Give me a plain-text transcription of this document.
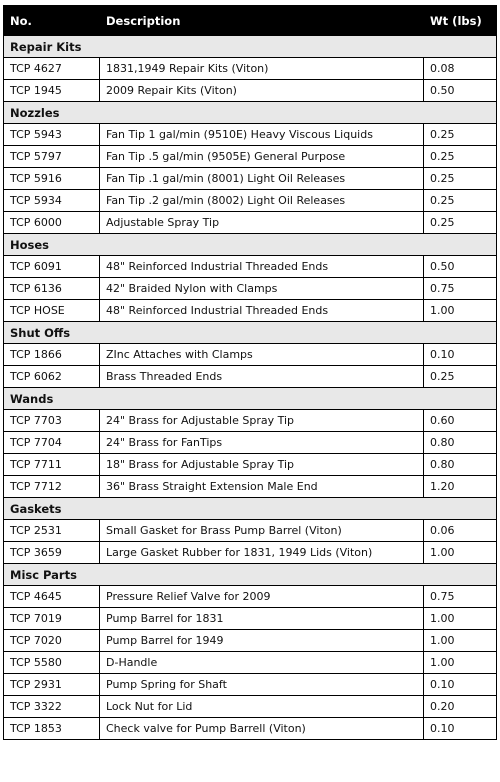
No.	Description	Wt (lbs)
Repair Kits		
TCP 4627	1831,1949 Repair Kits (Viton)	0.08
TCP 1945	2009 Repair Kits (Viton)	0.50
Nozzles		
TCP 5943	Fan Tip 1 gal/min (9510E) Heavy Viscous Liquids	0.25
TCP 5797	Fan Tip .5 gal/min (9505E) General Purpose	0.25
TCP 5916	Fan Tip .1 gal/min (8001) Light Oil Releases	0.25
TCP 5934	Fan Tip .2 gal/min (8002) Light Oil Releases	0.25
TCP 6000	Adjustable Spray Tip	0.25
Hoses		
TCP 6091	48" Reinforced Industrial Threaded Ends	0.50
TCP 6136	42" Braided Nylon with Clamps	0.75
TCP HOSE	48" Reinforced Industrial Threaded Ends	1.00
Shut Offs		
TCP 1866	ZInc Attaches with Clamps	0.10
TCP 6062	Brass Threaded Ends	0.25
Wands		
TCP 7703	24" Brass for Adjustable Spray Tip	0.60
TCP 7704	24" Brass for FanTips	0.80
TCP 7711	18" Brass for Adjustable Spray Tip	0.80
TCP 7712	36" Brass Straight Extension Male End	1.20
Gaskets		
TCP 2531	Small Gasket for Brass Pump Barrel (Viton)	0.06
TCP 3659	Large Gasket Rubber for 1831, 1949 Lids (Viton)	1.00
Misc Parts		
TCP 4645	Pressure Relief Valve for 2009	0.75
TCP 7019	Pump Barrel for 1831	1.00
TCP 7020	Pump Barrel for 1949	1.00
TCP 5580	D-Handle	1.00
TCP 2931	Pump Spring for Shaft	0.10
TCP 3322	Lock Nut for Lid	0.20
TCP 1853	Check valve for Pump Barrell (Viton)	0.10
